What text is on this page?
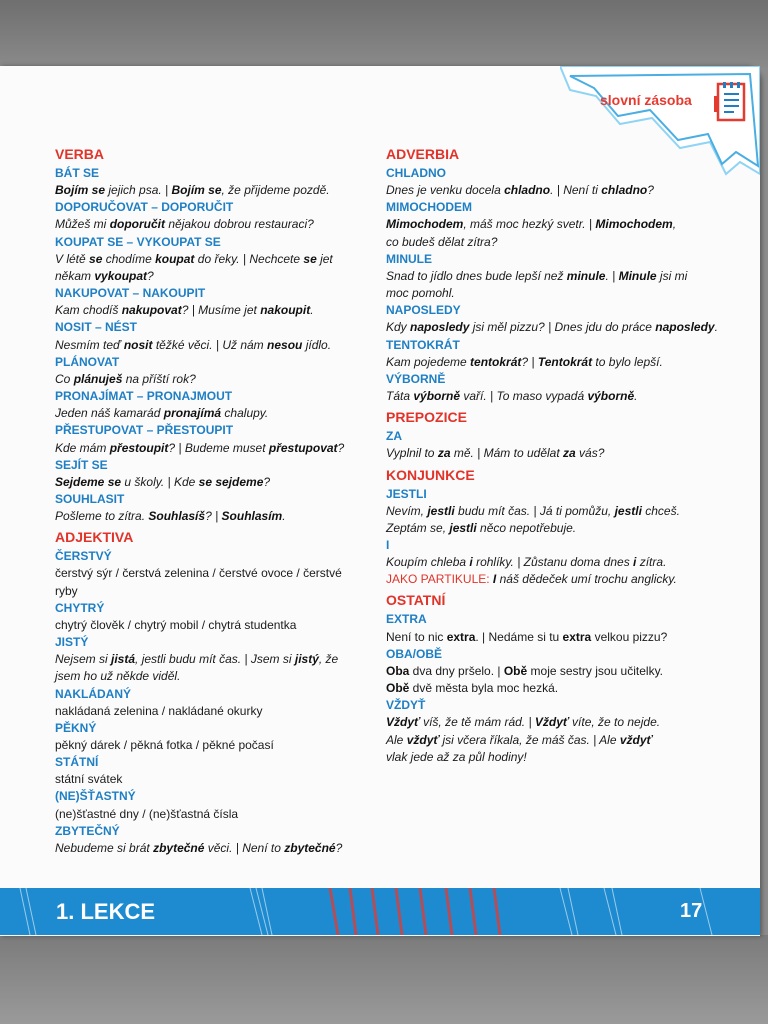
slovní zásoba
VERBA
BÁT SE
Bojím se jejich psa. | Bojím se, že přijdeme pozdě.
DOPORUČOVAT – DOPORUČIT
Můžeš mi doporučit nějakou dobrou restauraci?
KOUPAT SE – VYKOUPAT SE
V létě se chodíme koupat do řeky. | Nechcete se jet
někam vykoupat?
NAKUPOVAT – NAKOUPIT
Kam chodíš nakupovat? | Musíme jet nakoupit.
NOSIT – NÉST
Nesmím teď nosit těžké věci. | Už nám nesou jídlo.
PLÁNOVAT
Co plánuješ na příští rok?
PRONAJÍMAT – PRONAJMOUT
Jeden náš kamarád pronajímá chalupy.
PŘESTUPOVAT – PŘESTOUPIT
Kde mám přestoupit? | Budeme muset přestupovat?
SEJÍT SE
Sejdeme se u školy. | Kde se sejdeme?
SOUHLASIT
Pošleme to zítra. Souhlasíš? | Souhlasím.
ADJEKTIVA
ČERSTVÝ
čerstvý sýr / čerstvá zelenina / čerstvé ovoce / čerstvé
ryby
CHYTRÝ
chytrý člověk / chytrý mobil / chytrá studentka
JISTÝ
Nejsem si jistá, jestli budu mít čas. | Jsem si jistý, že
jsem ho už někde viděl.
NAKLÁDANÝ
nakládaná zelenina / nakládané okurky
PĚKNÝ
pěkný dárek / pěkná fotka / pěkné počasí
STÁTNÍ
státní svátek
(NE)ŠŤASTNÝ
(ne)šťastné dny / (ne)šťastná čísla
ZBYTEČNÝ
Nebudeme si brát zbytečné věci. | Není to zbytečné?
ADVERBIA
CHLADNO
Dnes je venku docela chladno. | Není ti chladno?
MIMOCHODEM
Mimochodem, máš moc hezký svetr. | Mimochodem,
co budeš dělat zítra?
MINULE
Snad to jídlo dnes bude lepší než minule. | Minule jsi mi
moc pomohl.
NAPOSLEDY
Kdy naposledy jsi měl pizzu? | Dnes jdu do práce naposledy.
TENTOKRÁT
Kam pojedeme tentokrát? | Tentokrát to bylo lepší.
VÝBORNĚ
Táta výborně vaří. | To maso vypadá výborně.
PREPOZICE
ZA
Vyplnil to za mě. | Mám to udělat za vás?
KONJUNKCE
JESTLI
Nevím, jestli budu mít čas. | Já ti pomůžu, jestli chceš.
Zeptám se, jestli něco nepotřebuje.
I
Koupím chleba i rohlíky. | Zůstanu doma dnes i zítra.
JAKO PARTIKULE: I náš dědeček umí trochu anglicky.
OSTATNÍ
EXTRA
Není to nic extra. | Nedáme si tu extra velkou pizzu?
OBA/OBĚ
Oba dva dny pršelo. | Obě moje sestry jsou učitelky.
Obě dvě města byla moc hezká.
VŽDYŤ
Vždyť víš, že tě mám rád. | Vždyť víte, že to nejde.
Ale vždyť jsi včera říkala, že máš čas. | Ale vždyť
vlak jede až za půl hodiny!
1. LEKCE	17
